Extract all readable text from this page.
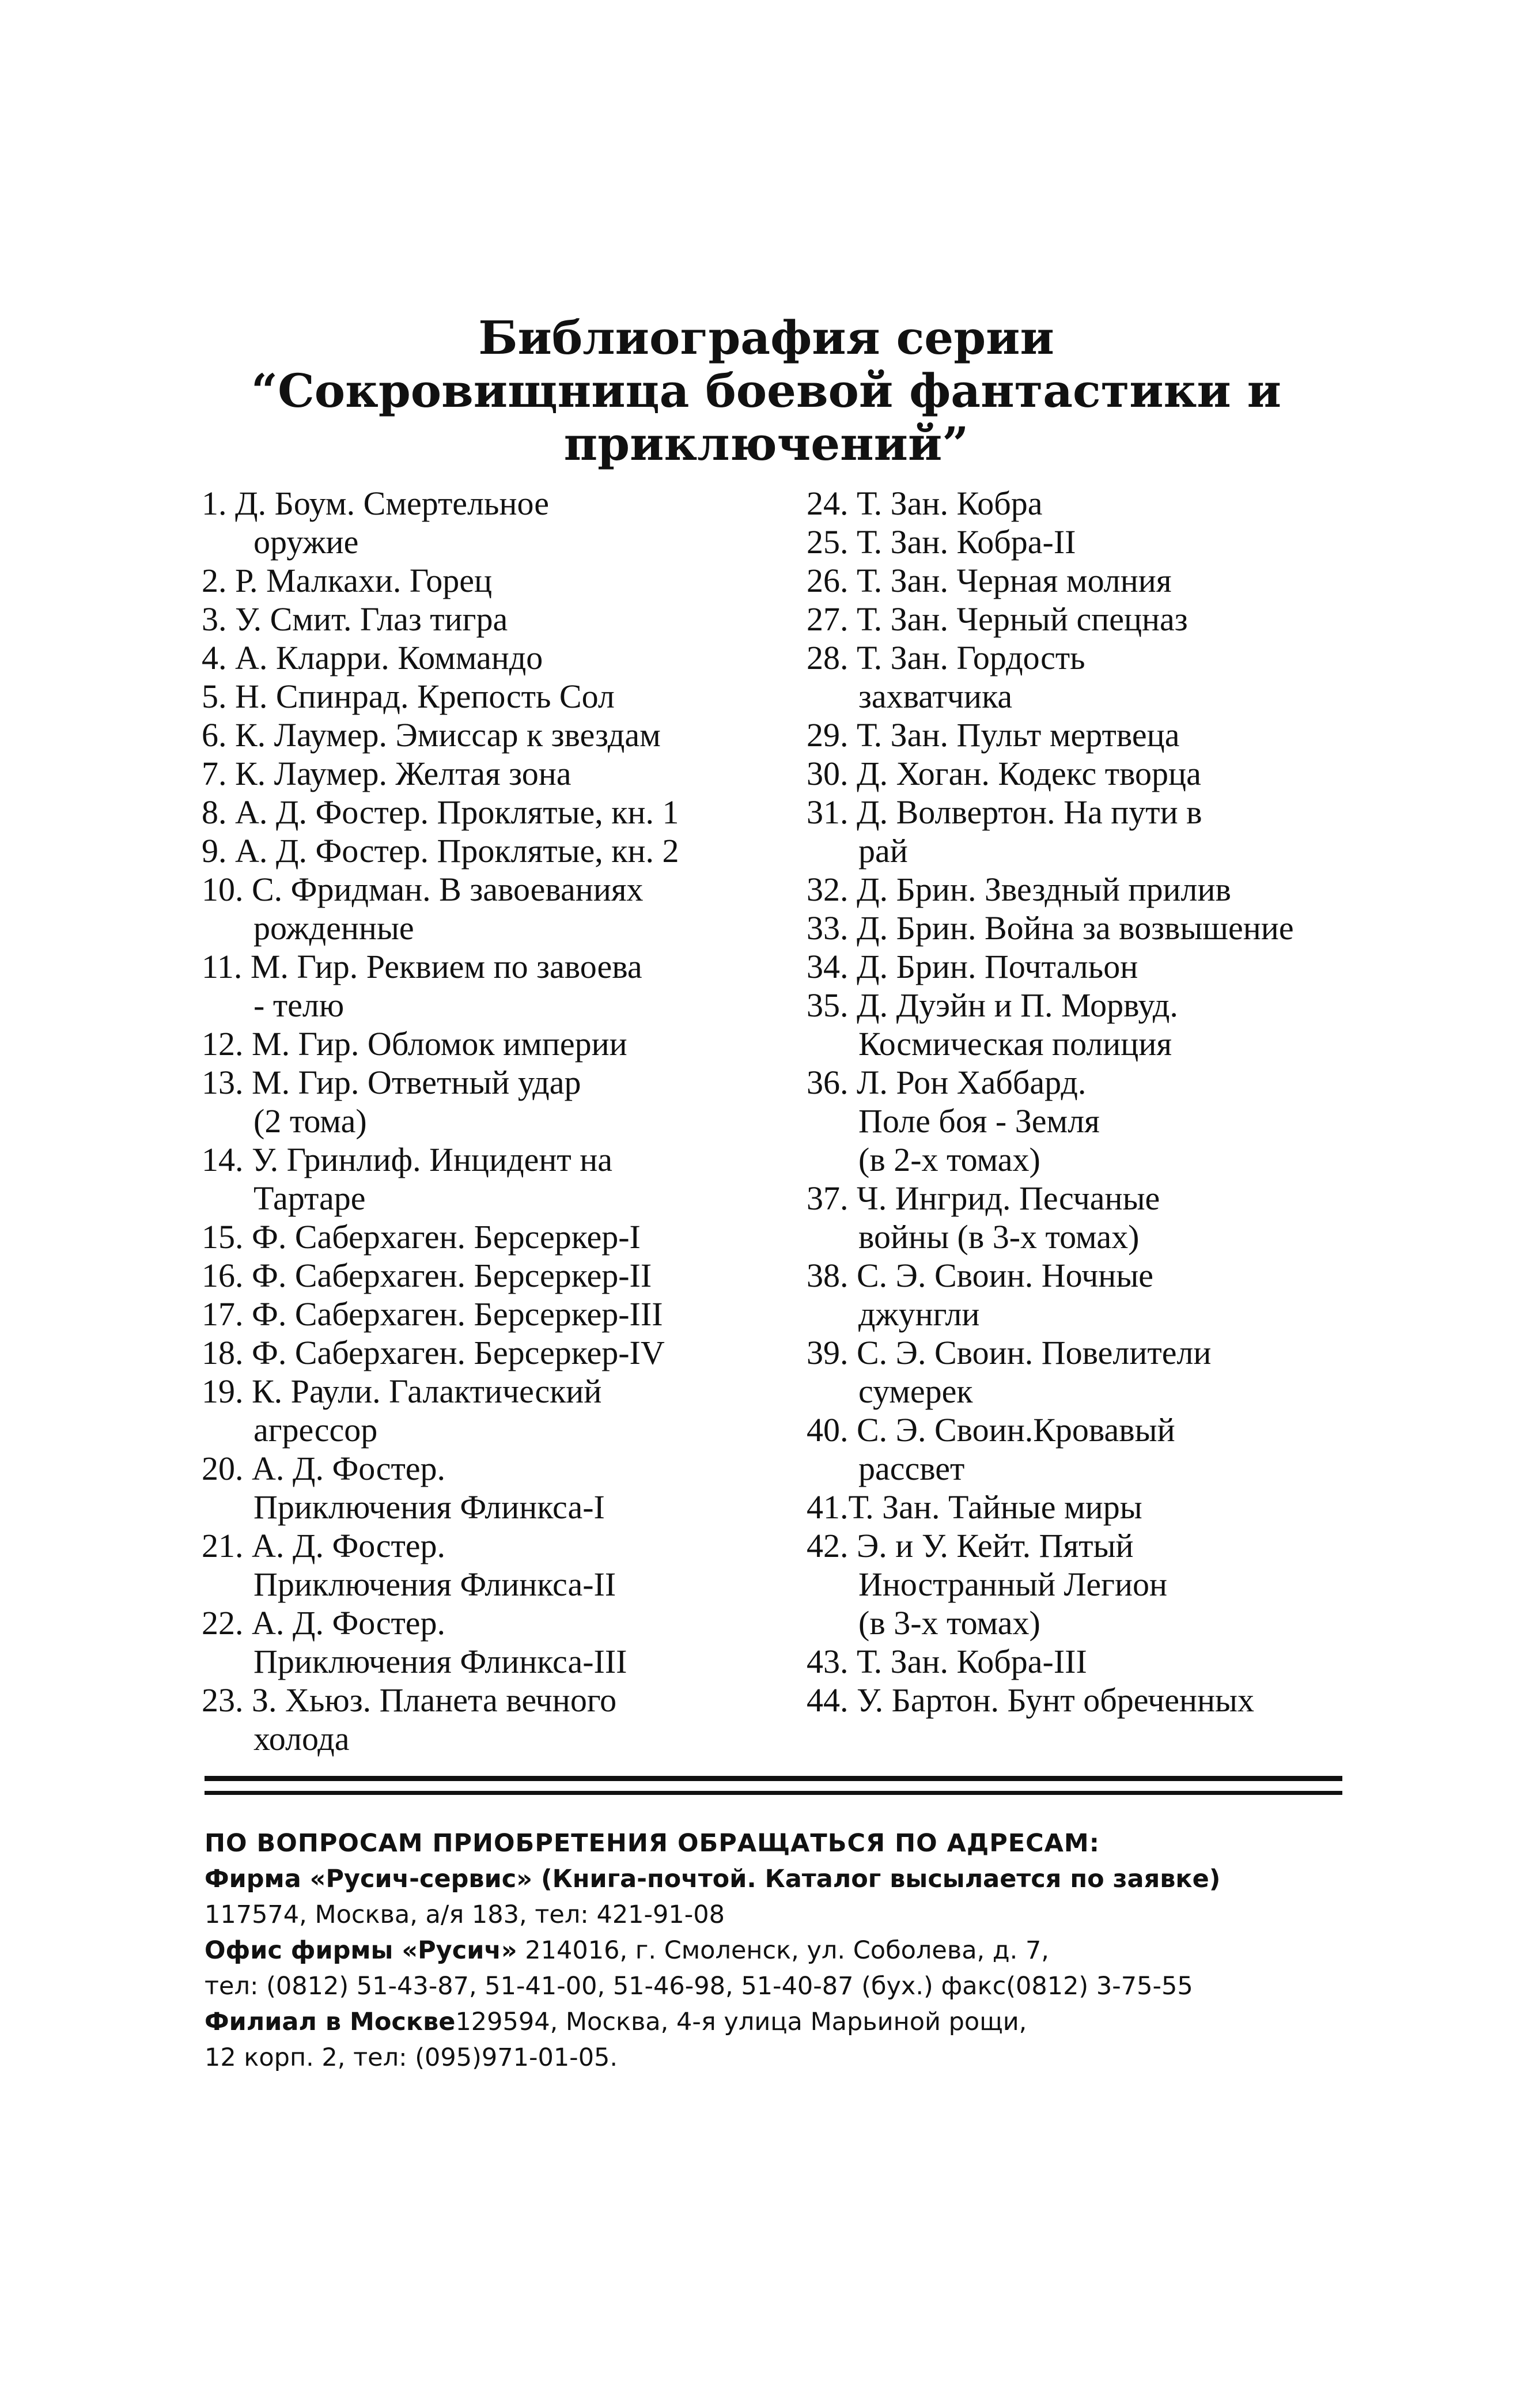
Библиография серии
“Сокровищница боевой фантастики и
приключений”
1. Д. Боум. Смертельное
оружие
2. Р. Малкахи. Горец
3. У. Смит. Глаз тигра
4. А. Кларри. Коммандо
5. Н. Спинрад. Крепость Сол
6. К. Лаумер. Эмиссар к звездам
7. К. Лаумер. Желтая зона
8. А. Д. Фостер. Проклятые, кн. 1
9. А. Д. Фостер. Проклятые, кн. 2
10. С. Фридман. В завоеваниях
рожденные
11. М. Гир. Реквием по завоева
- телю
12. М. Гир. Обломок империи
13. М. Гир. Ответный удар
(2 тома)
14. У. Гринлиф. Инцидент на
Тартаре
15. Ф. Саберхаген. Берсеркер-I
16. Ф. Саберхаген. Берсеркер-II
17. Ф. Саберхаген. Берсеркер-III
18. Ф. Саберхаген. Берсеркер-IV
19. К. Раули. Галактический
агрессор
20. А. Д. Фостер.
Приключения Флинкса-I
21. А. Д. Фостер.
Приключения Флинкса-II
22. А. Д. Фостер.
Приключения Флинкса-III
23. З. Хьюз. Планета вечного
холода
24. Т. Зан. Кобра
25. Т. Зан. Кобра-II
26. Т. Зан. Черная молния
27. Т. Зан. Черный спецназ
28. Т. Зан. Гордость
захватчика
29. Т. Зан. Пульт мертвеца
30. Д. Хоган. Кодекс творца
31. Д. Волвертон. На пути в
рай
32. Д. Брин. Звездный прилив
33. Д. Брин. Война за возвышение
34. Д. Брин. Почтальон
35. Д. Дуэйн и П. Морвуд.
Космическая полиция
36. Л. Рон Хаббард.
Поле боя - Земля
(в 2-х томах)
37. Ч. Ингрид. Песчаные
войны (в 3-х томах)
38. С. Э. Своин. Ночные
джунгли
39. С. Э. Своин. Повелители
сумерек
40. С. Э. Своин.Кровавый
рассвет
41.Т. Зан. Тайные миры
42. Э. и У. Кейт. Пятый
Иностранный Легион
(в 3-х томах)
43. Т. Зан. Кобра-III
44. У. Бартон. Бунт обреченных
ПО ВОПРОСАМ ПРИОБРЕТЕНИЯ ОБРАЩАТЬСЯ ПО АДРЕСАМ:
Фирма «Русич-сервис» (Книга-почтой. Каталог высылается по заявке)
117574, Москва, а/я 183, тел: 421-91-08
Офис фирмы «Русич» 214016, г. Смоленск, ул. Соболева, д. 7,
тел: (0812) 51-43-87, 51-41-00, 51-46-98, 51-40-87 (бух.) факс(0812) 3-75-55
Филиал в Москве129594, Москва, 4-я улица Марьиной рощи,
12 корп. 2, тел: (095)971-01-05.
